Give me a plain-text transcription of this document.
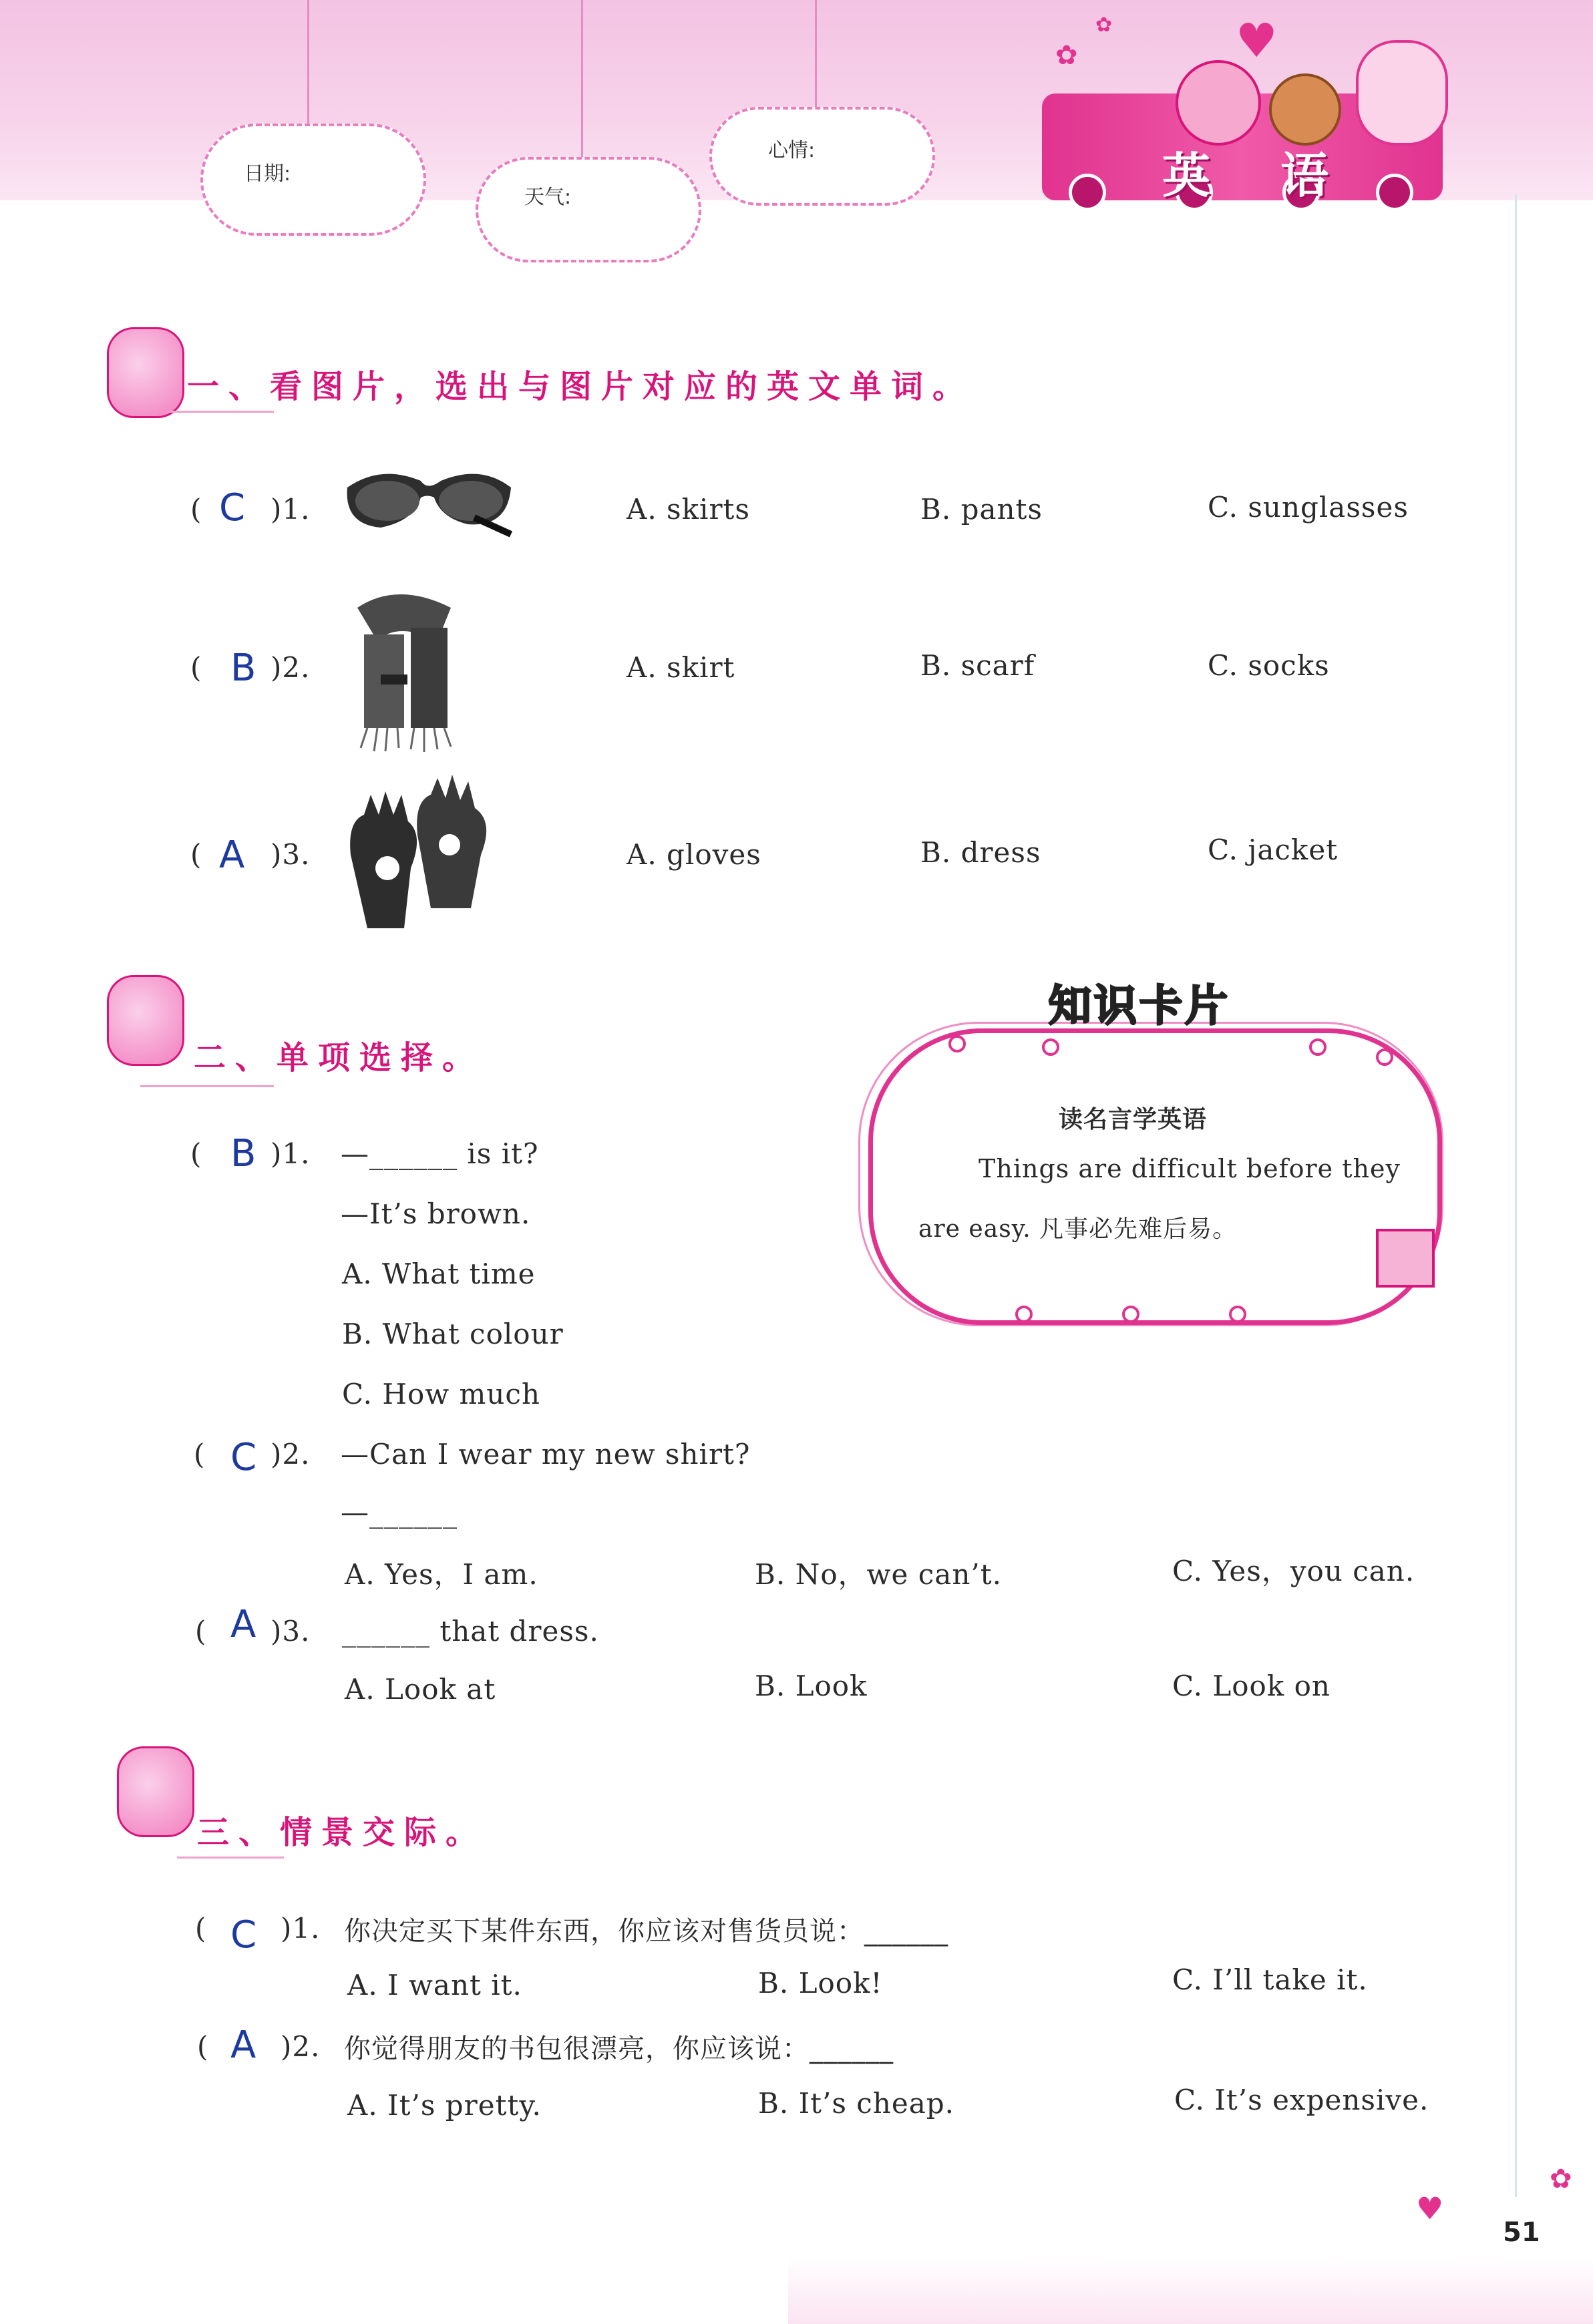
日期:
天气:
心情:	英 语
♥
✿
✿
一、看图片，选出与图片对应的英文单词。
( C )1.	A. skirts	B. pants	C. sunglasses
( B )2.	A. skirt	B. scarf	C. socks
( A )3.	A. gloves	B. dress	C. jacket
二、单项选择。
( B )1. —______ is it?
—It’s brown.
A. What time
B. What colour
C. How much
( C )2. —Can I wear my new shirt?
—______
A. Yes，I am.	B. No，we can’t.	C. Yes，you can.
( A )3. ______ that dress.
A. Look at	B. Look	C. Look on
知识卡片
读名言学英语
Things are difficult before they
are easy. 凡事必先难后易。
三、情景交际。
( C )1. 你决定买下某件东西，你应该对售货员说：______
A. I want it.	B. Look!	C. I’ll take it.
( A )2. 你觉得朋友的书包很漂亮，你应该说：______
A. It’s pretty.	B. It’s cheap.	C. It’s expensive.
♥
✿
51
